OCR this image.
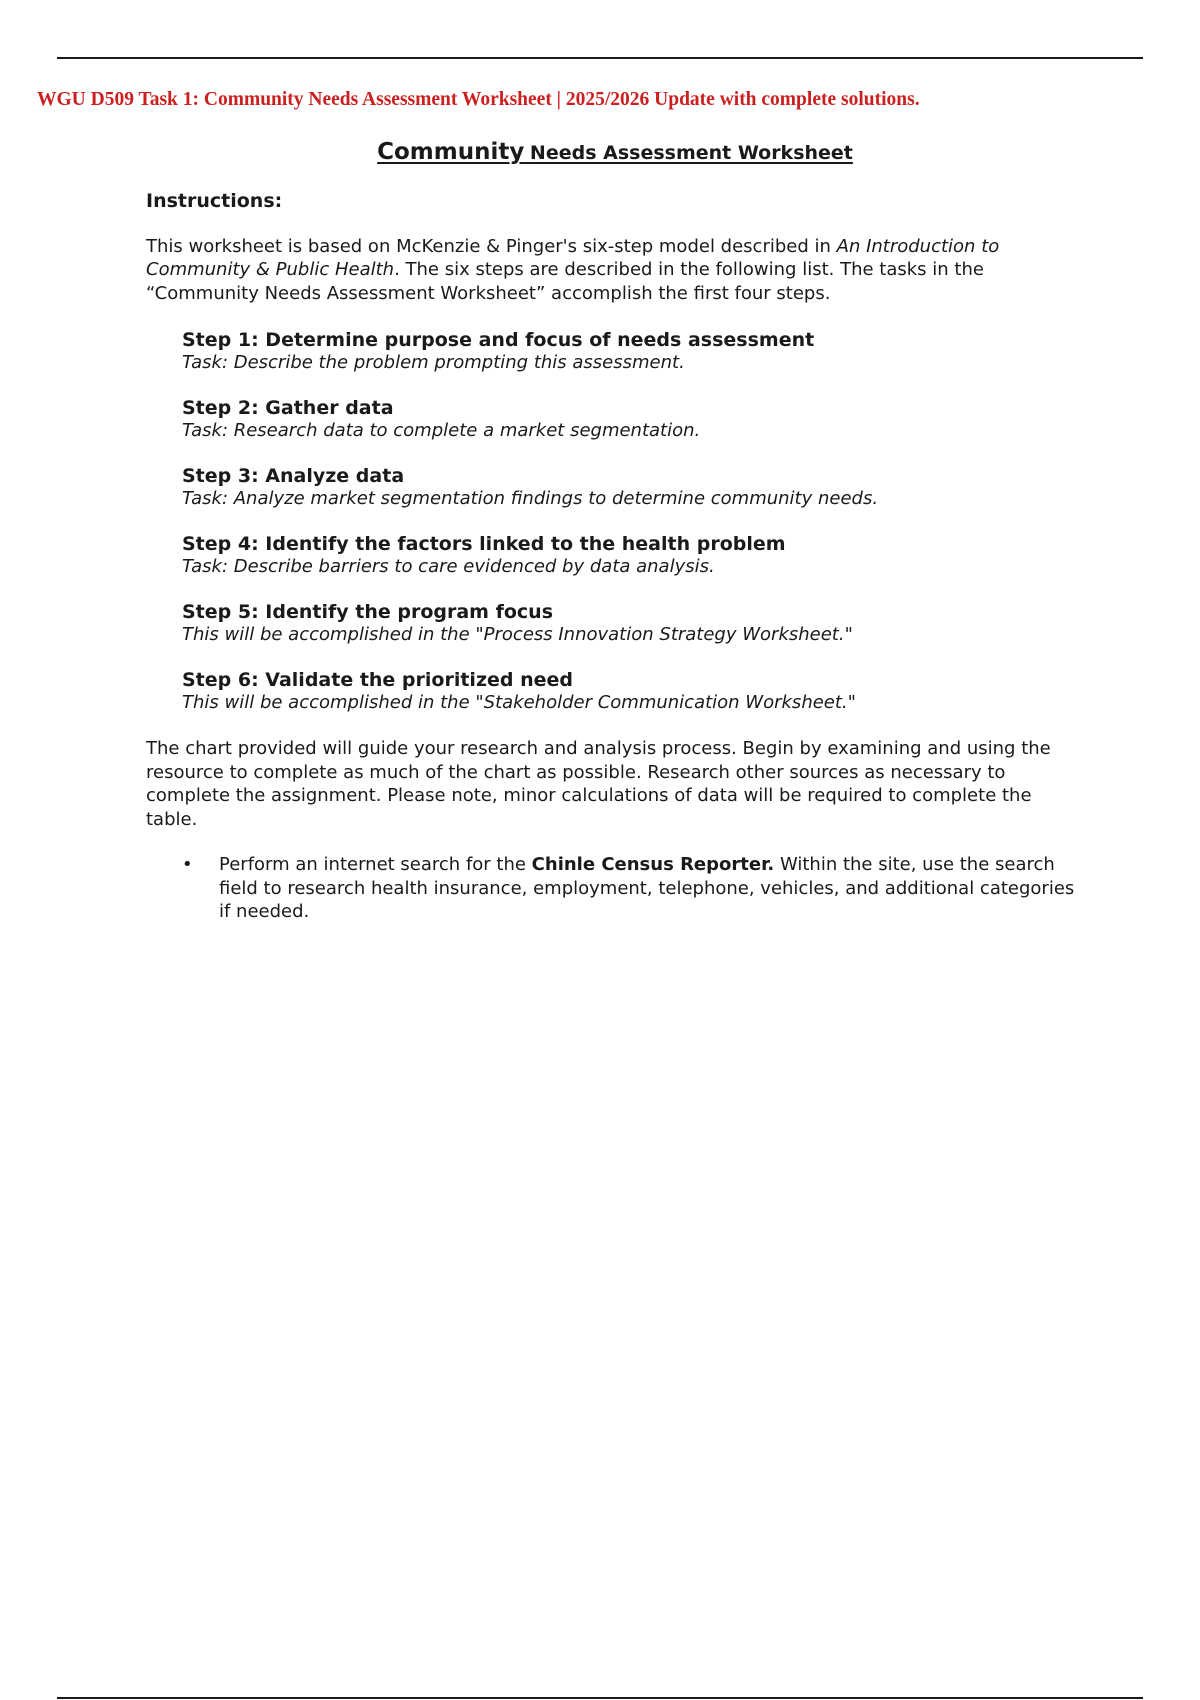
WGU D509 Task 1: Community Needs Assessment Worksheet | 2025/2026 Update with complete solutions.
Community Needs Assessment Worksheet

Instructions:

This worksheet is based on McKenzie & Pinger's six-step model described in An Introduction to Community & Public Health. The six steps are described in the following list. The tasks in the “Community Needs Assessment Worksheet” accomplish the first four steps.

Step 1: Determine purpose and focus of needs assessment
Task: Describe the problem prompting this assessment.
Step 2: Gather data
Task: Research data to complete a market segmentation.
Step 3: Analyze data
Task: Analyze market segmentation findings to determine community needs.
Step 4: Identify the factors linked to the health problem
Task: Describe barriers to care evidenced by data analysis.
Step 5: Identify the program focus
This will be accomplished in the "Process Innovation Strategy Worksheet."
Step 6: Validate the prioritized need
This will be accomplished in the "Stakeholder Communication Worksheet."

The chart provided will guide your research and analysis process. Begin by examining and using the resource to complete as much of the chart as possible. Research other sources as necessary to complete the assignment. Please note, minor calculations of data will be required to complete the table.

• Perform an internet search for the Chinle Census Reporter. Within the site, use the search field to research health insurance, employment, telephone, vehicles, and additional categories if needed.
